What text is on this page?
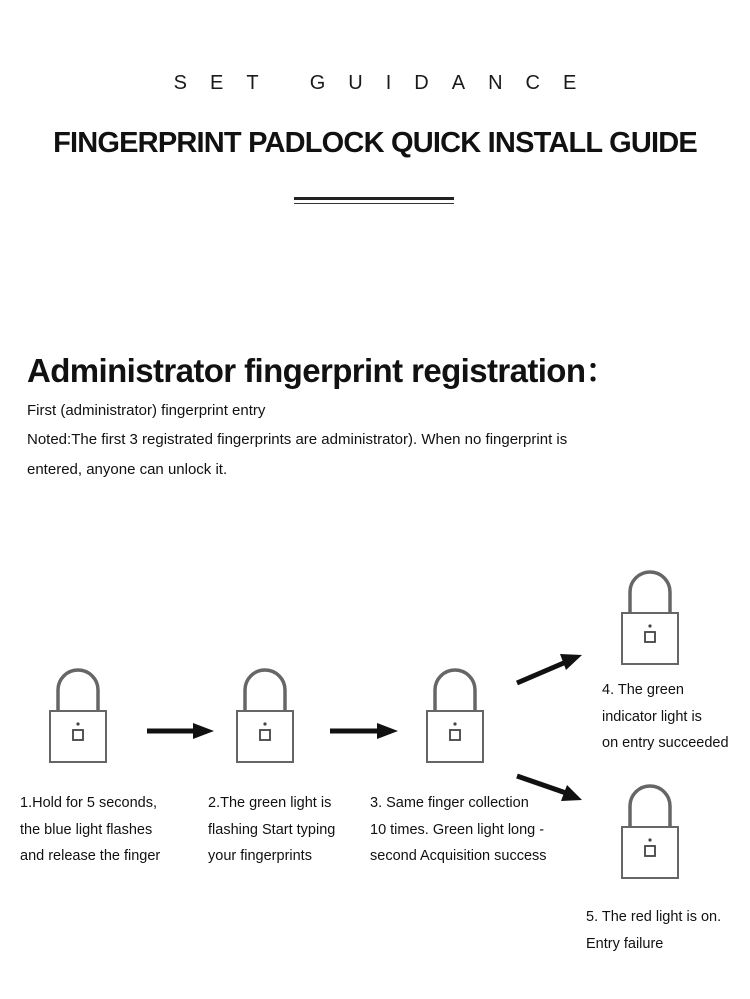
SET GUIDANCE
FINGERPRINT PADLOCK QUICK INSTALL GUIDE
Administrator fingerprint registration：
First (administrator) fingerprint entry
Noted:The first 3 registrated fingerprints are administrator). When no fingerprint is
entered, anyone can unlock it.
1.Hold for 5 seconds,
the blue light flashes
and release the finger
2.The green light is
flashing Start typing
your fingerprints
3. Same finger collection
10 times. Green light long -
second Acquisition success
4. The green
indicator light is
on entry succeeded
5. The red light is on.
Entry failure
